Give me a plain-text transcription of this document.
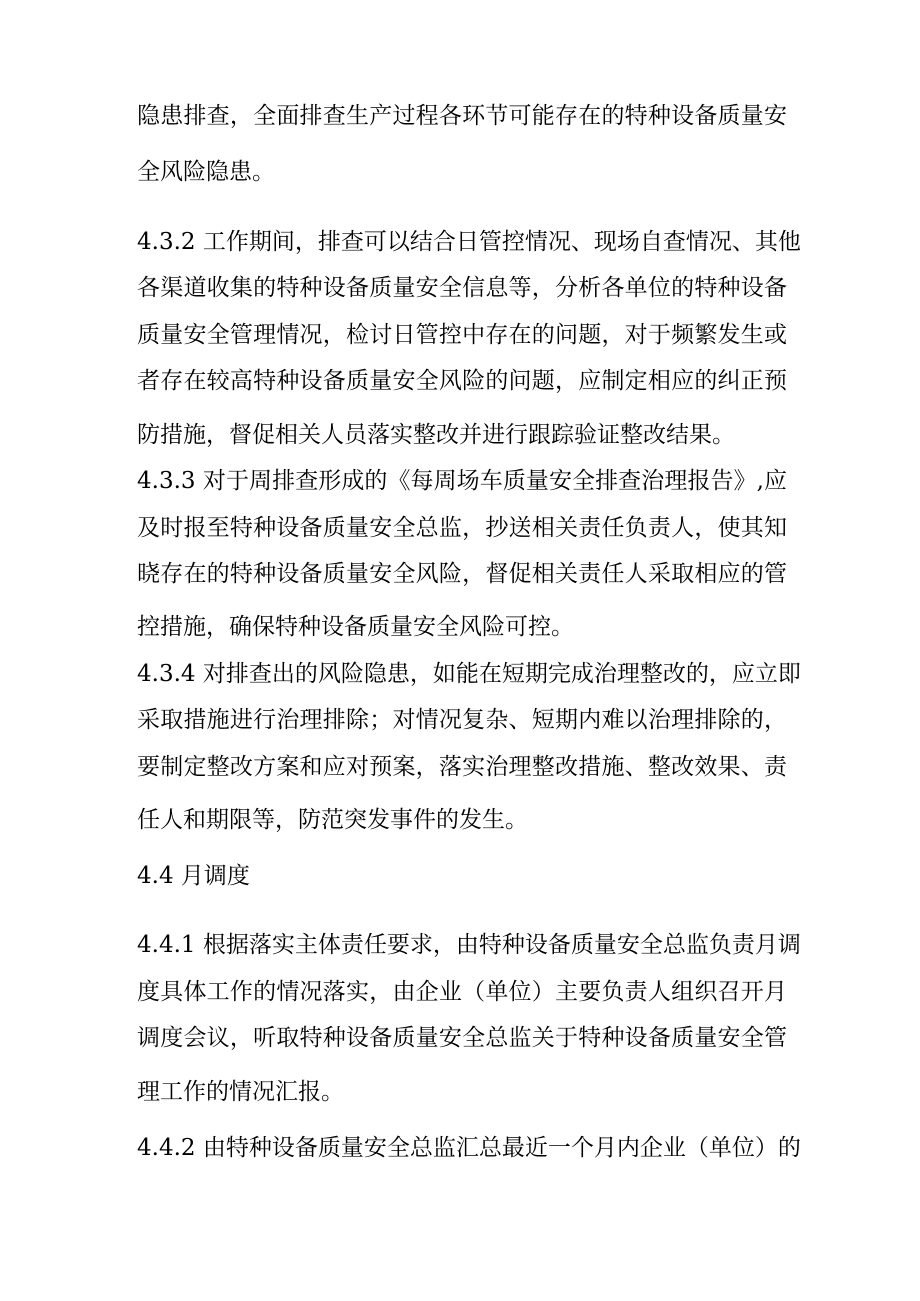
隐患排查，全面排查生产过程各环节可能存在的特种设备质量安
全风险隐患。
4.3.2 工作期间，排查可以结合日管控情况、现场自查情况、其他
各渠道收集的特种设备质量安全信息等，分析各单位的特种设备
质量安全管理情况，检讨日管控中存在的问题，对于频繁发生或
者存在较高特种设备质量安全风险的问题，应制定相应的纠正预
防措施，督促相关人员落实整改并进行跟踪验证整改结果。
4.3.3 对于周排查形成的《每周场车质量安全排查治理报告》,应
及时报至特种设备质量安全总监，抄送相关责任负责人，使其知
晓存在的特种设备质量安全风险，督促相关责任人采取相应的管
控措施，确保特种设备质量安全风险可控。
4.3.4 对排查出的风险隐患，如能在短期完成治理整改的，应立即
采取措施进行治理排除；对情况复杂、短期内难以治理排除的，
要制定整改方案和应对预案，落实治理整改措施、整改效果、责
任人和期限等，防范突发事件的发生。
4.4 月调度
4.4.1 根据落实主体责任要求，由特种设备质量安全总监负责月调
度具体工作的情况落实，由企业（单位）主要负责人组织召开月
调度会议，听取特种设备质量安全总监关于特种设备质量安全管
理工作的情况汇报。
4.4.2 由特种设备质量安全总监汇总最近一个月内企业（单位）的
